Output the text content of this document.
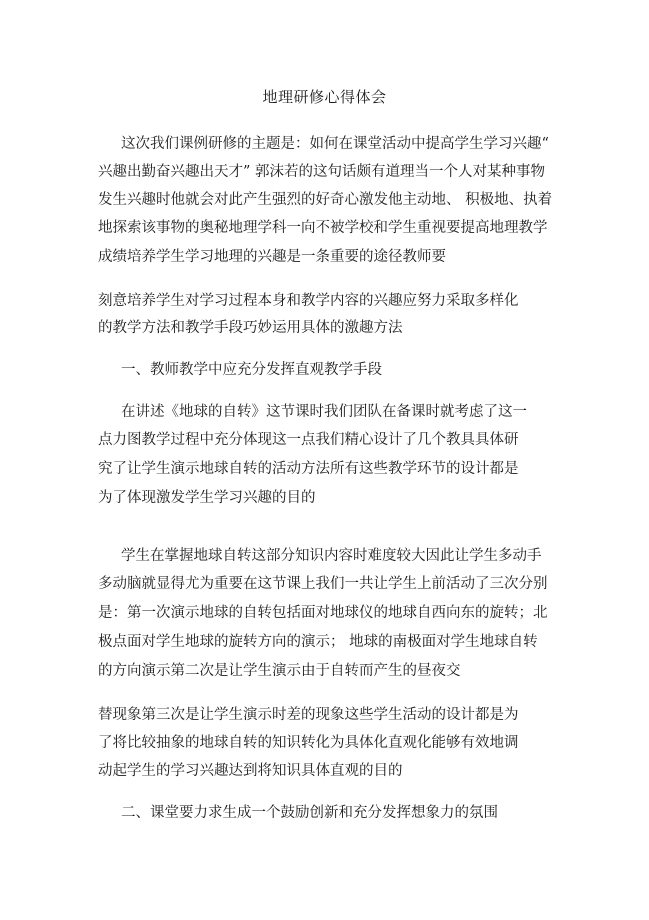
地理研修心得体会
这次我们课例研修的主题是：如何在课堂活动中提高学生学习兴趣“
兴趣出勤奋兴趣出天才” 郭沫若的这句话颇有道理当一个人对某种事物
发生兴趣时他就会对此产生强烈的好奇心激发他主动地、 积极地、执着
地探索该事物的奥秘地理学科一向不被学校和学生重视要提高地理教学
成绩培养学生学习地理的兴趣是一条重要的途径教师要
刻意培养学生对学习过程本身和教学内容的兴趣应努力采取多样化
的教学方法和教学手段巧妙运用具体的激趣方法
一、教师教学中应充分发挥直观教学手段
在讲述《地球的自转》这节课时我们团队在备课时就考虑了这一
点力图教学过程中充分体现这一点我们精心设计了几个教具具体研
究了让学生演示地球自转的活动方法所有这些教学环节的设计都是
为了体现激发学生学习兴趣的目的
学生在掌握地球自转这部分知识内容时难度较大因此让学生多动手
多动脑就显得尤为重要在这节课上我们一共让学生上前活动了三次分别
是：第一次演示地球的自转包括面对地球仪的地球自西向东的旋转；北
极点面对学生地球的旋转方向的演示； 地球的南极面对学生地球自转
的方向演示第二次是让学生演示由于自转而产生的昼夜交
替现象第三次是让学生演示时差的现象这些学生活动的设计都是为
了将比较抽象的地球自转的知识转化为具体化直观化能够有效地调
动起学生的学习兴趣达到将知识具体直观的目的
二、课堂要力求生成一个鼓励创新和充分发挥想象力的氛围
